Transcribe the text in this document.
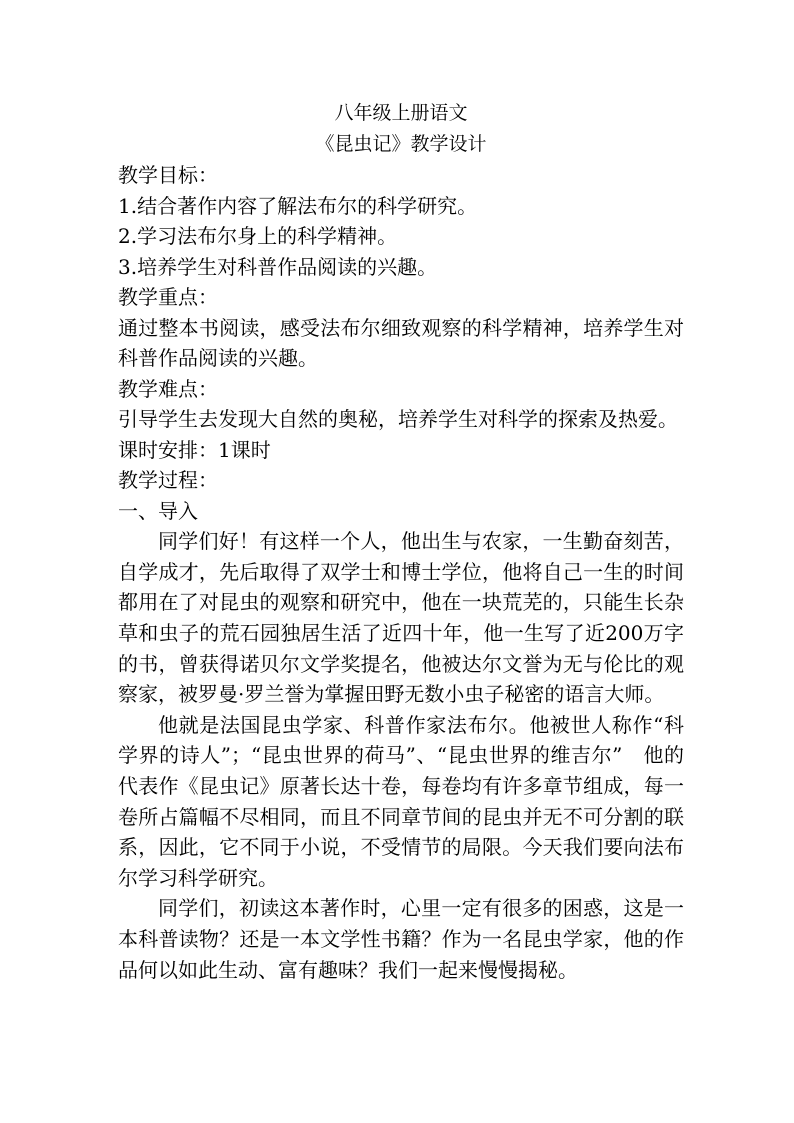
八年级上册语文

《昆虫记》教学设计

教学目标：

1.结合著作内容了解法布尔的科学研究。

2.学习法布尔身上的科学精神。

3.培养学生对科普作品阅读的兴趣。

教学重点：

通过整本书阅读，感受法布尔细致观察的科学精神，培养学生对科普作品阅读的兴趣。

教学难点：

引导学生去发现大自然的奥秘，培养学生对科学的探索及热爱。

课时安排：1课时

教学过程：

一、导入

同学们好！有这样一个人，他出生与农家，一生勤奋刻苦，自学成才，先后取得了双学士和博士学位，他将自己一生的时间都用在了对昆虫的观察和研究中，他在一块荒芜的，只能生长杂草和虫子的荒石园独居生活了近四十年，他一生写了近200万字的书，曾获得诺贝尔文学奖提名，他被达尔文誉为无与伦比的观察家，被罗曼·罗兰誉为掌握田野无数小虫子秘密的语言大师。

他就是法国昆虫学家、科普作家法布尔。他被世人称作“科学界的诗人”；“昆虫世界的荷马”、“昆虫世界的维吉尔”　他的代表作《昆虫记》原著长达十卷，每卷均有许多章节组成，每一卷所占篇幅不尽相同，而且不同章节间的昆虫并无不可分割的联系，因此，它不同于小说，不受情节的局限。今天我们要向法布尔学习科学研究。

同学们，初读这本著作时，心里一定有很多的困惑，这是一本科普读物？还是一本文学性书籍？作为一名昆虫学家，他的作品何以如此生动、富有趣味？我们一起来慢慢揭秘。
